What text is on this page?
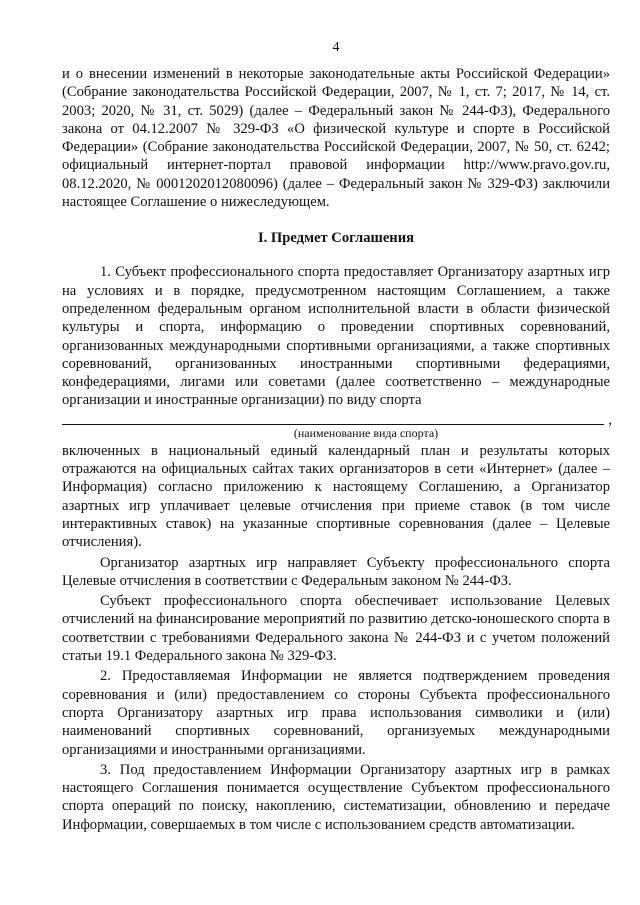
4

и о внесении изменений в некоторые законодательные акты Российской Федерации» (Собрание законодательства Российской Федерации, 2007, № 1, ст. 7; 2017, № 14, ст. 2003; 2020, № 31, ст. 5029) (далее – Федеральный закон № 244-ФЗ), Федерального закона от 04.12.2007 № 329-ФЗ «О физической культуре и спорте в Российской Федерации» (Собрание законодательства Российской Федерации, 2007, № 50, ст. 6242; официальный интернет-портал правовой информации http://www.pravo.gov.ru, 08.12.2020, № 0001202012080096) (далее – Федеральный закон № 329-ФЗ) заключили настоящее Соглашение о нижеследующем.

I. Предмет Соглашения

1. Субъект профессионального спорта предоставляет Организатору азартных игр на условиях и в порядке, предусмотренном настоящим Соглашением, а также определенном федеральным органом исполнительной власти в области физической культуры и спорта, информацию о проведении спортивных соревнований, организованных международными спортивными организациями, а также спортивных соревнований, организованных иностранными спортивными федерациями, конфедерациями, лигами или советами (далее соответственно – международные организации и иностранные организации) по виду спорта

,
(наименование вида спорта)

включенных в национальный единый календарный план и результаты которых отражаются на официальных сайтах таких организаторов в сети «Интернет» (далее – Информация) согласно приложению к настоящему Соглашению, а Организатор азартных игр уплачивает целевые отчисления при приеме ставок (в том числе интерактивных ставок) на указанные спортивные соревнования (далее – Целевые отчисления).

Организатор азартных игр направляет Субъекту профессионального спорта Целевые отчисления в соответствии с Федеральным законом № 244-ФЗ.

Субъект профессионального спорта обеспечивает использование Целевых отчислений на финансирование мероприятий по развитию детско-юношеского спорта в соответствии с требованиями Федерального закона № 244-ФЗ и с учетом положений статьи 19.1 Федерального закона № 329-ФЗ.

2. Предоставляемая Информации не является подтверждением проведения соревнования и (или) предоставлением со стороны Субъекта профессионального спорта Организатору азартных игр права использования символики и (или) наименований спортивных соревнований, организуемых международными организациями и иностранными организациями.

3. Под предоставлением Информации Организатору азартных игр в рамках настоящего Соглашения понимается осуществление Субъектом профессионального спорта операций по поиску, накоплению, систематизации, обновлению и передаче Информации, совершаемых в том числе с использованием средств автоматизации.
